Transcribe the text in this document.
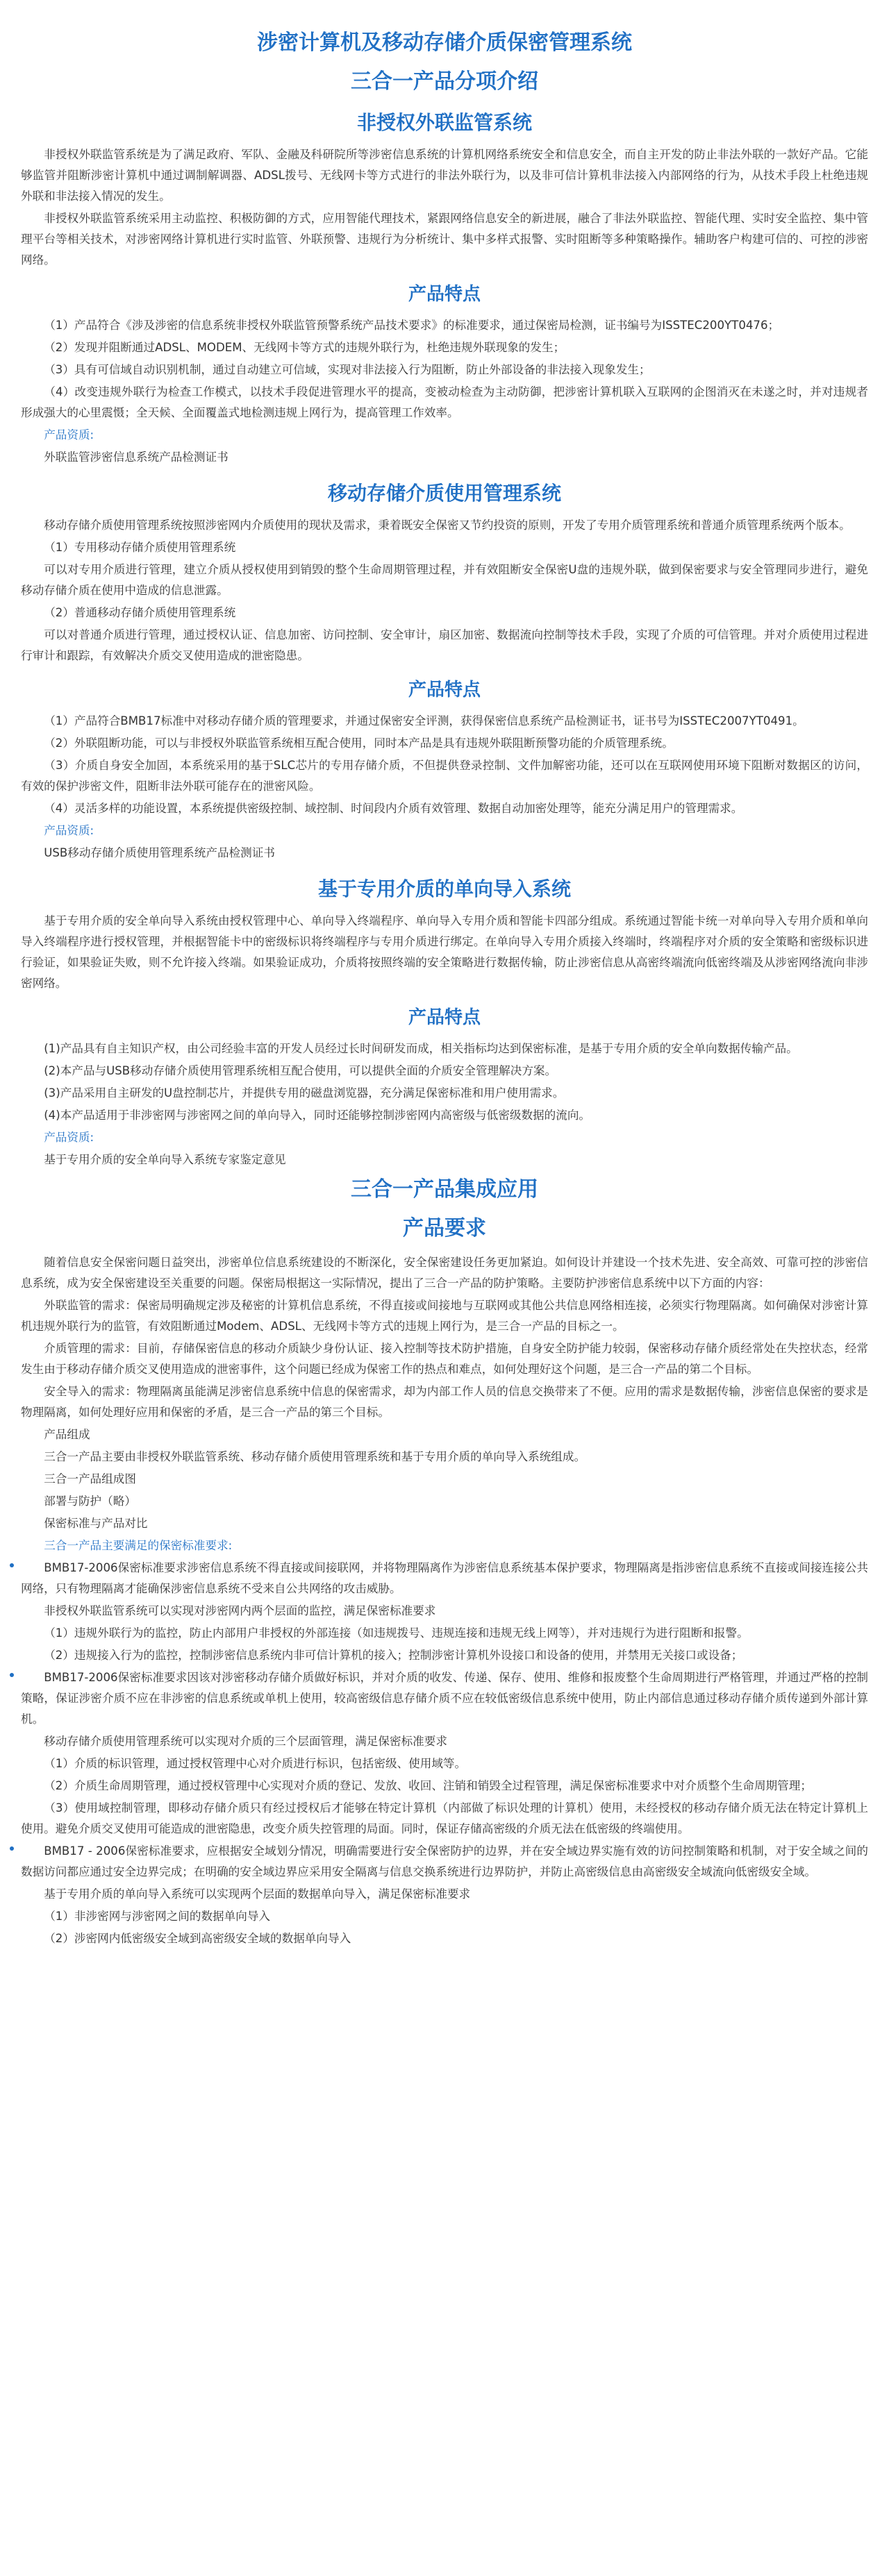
涉密计算机及移动存储介质保密管理系统
三合一产品分项介绍
非授权外联监管系统

非授权外联监管系统是为了满足政府、军队、金融及科研院所等涉密信息系统的计算机网络系统安全和信息安全，而自主开发的防止非法外联的一款好产品。它能够监管并阻断涉密计算机中通过调制解调器、ADSL拨号、无线网卡等方式进行的非法外联行为，以及非可信计算机非法接入内部网络的行为，从技术手段上杜绝违规外联和非法接入情况的发生。

非授权外联监管系统采用主动监控、积极防御的方式，应用智能代理技术，紧跟网络信息安全的新进展，融合了非法外联监控、智能代理、实时安全监控、集中管理平台等相关技术，对涉密网络计算机进行实时监管、外联预警、违规行为分析统计、集中多样式报警、实时阻断等多种策略操作。辅助客户构建可信的、可控的涉密网络。

产品特点

（1）产品符合《涉及涉密的信息系统非授权外联监管预警系统产品技术要求》的标准要求，通过保密局检测，证书编号为ISSTEC200YT0476；

（2）发现并阻断通过ADSL、MODEM、无线网卡等方式的违规外联行为，杜绝违规外联现象的发生；

（3）具有可信域自动识别机制，通过自动建立可信域，实现对非法接入行为阻断，防止外部设备的非法接入现象发生；

（4）改变违规外联行为检查工作模式，以技术手段促进管理水平的提高，变被动检查为主动防御，把涉密计算机联入互联网的企图消灭在未遂之时，并对违规者形成强大的心里震慑；全天候、全面覆盖式地检测违规上网行为，提高管理工作效率。

产品资质:

外联监管涉密信息系统产品检测证书

移动存储介质使用管理系统

移动存储介质使用管理系统按照涉密网内介质使用的现状及需求，秉着既安全保密又节约投资的原则，开发了专用介质管理系统和普通介质管理系统两个版本。

（1）专用移动存储介质使用管理系统

可以对专用介质进行管理，建立介质从授权使用到销毁的整个生命周期管理过程，并有效阻断安全保密U盘的违规外联，做到保密要求与安全管理同步进行，避免移动存储介质在使用中造成的信息泄露。

（2）普通移动存储介质使用管理系统

可以对普通介质进行管理，通过授权认证、信息加密、访问控制、安全审计，扇区加密、数据流向控制等技术手段，实现了介质的可信管理。并对介质使用过程进行审计和跟踪，有效解决介质交叉使用造成的泄密隐患。

产品特点

（1）产品符合BMB17标准中对移动存储介质的管理要求，并通过保密安全评测，获得保密信息系统产品检测证书，证书号为ISSTEC2007YT0491。

（2）外联阻断功能，可以与非授权外联监管系统相互配合使用，同时本产品是具有违规外联阻断预警功能的介质管理系统。

（3）介质自身安全加固，本系统采用的基于SLC芯片的专用存储介质，不但提供登录控制、文件加解密功能，还可以在互联网使用环境下阻断对数据区的访问，有效的保护涉密文件，阻断非法外联可能存在的泄密风险。

（4）灵活多样的功能设置，本系统提供密级控制、域控制、时间段内介质有效管理、数据自动加密处理等，能充分满足用户的管理需求。

产品资质:

USB移动存储介质使用管理系统产品检测证书

基于专用介质的单向导入系统

基于专用介质的安全单向导入系统由授权管理中心、单向导入终端程序、单向导入专用介质和智能卡四部分组成。系统通过智能卡统一对单向导入专用介质和单向导入终端程序进行授权管理，并根据智能卡中的密级标识将终端程序与专用介质进行绑定。在单向导入专用介质接入终端时，终端程序对介质的安全策略和密级标识进行验证，如果验证失败，则不允许接入终端。如果验证成功，介质将按照终端的安全策略进行数据传输，防止涉密信息从高密终端流向低密终端及从涉密网络流向非涉密网络。

产品特点

(1)产品具有自主知识产权，由公司经验丰富的开发人员经过长时间研发而成，相关指标均达到保密标准，是基于专用介质的安全单向数据传输产品。

(2)本产品与USB移动存储介质使用管理系统相互配合使用，可以提供全面的介质安全管理解决方案。

(3)产品采用自主研发的U盘控制芯片，并提供专用的磁盘浏览器，充分满足保密标准和用户使用需求。

(4)本产品适用于非涉密网与涉密网之间的单向导入，同时还能够控制涉密网内高密级与低密级数据的流向。

产品资质:

基于专用介质的安全单向导入系统专家鉴定意见

三合一产品集成应用
产品要求

随着信息安全保密问题日益突出，涉密单位信息系统建设的不断深化，安全保密建设任务更加紧迫。如何设计并建设一个技术先进、安全高效、可靠可控的涉密信息系统，成为安全保密建设至关重要的问题。保密局根据这一实际情况，提出了三合一产品的防护策略。主要防护涉密信息系统中以下方面的内容：

外联监管的需求：保密局明确规定涉及秘密的计算机信息系统，不得直接或间接地与互联网或其他公共信息网络相连接，必须实行物理隔离。如何确保对涉密计算机违规外联行为的监管，有效阻断通过Modem、ADSL、无线网卡等方式的违规上网行为，是三合一产品的目标之一。

介质管理的需求：目前，存储保密信息的移动介质缺少身份认证、接入控制等技术防护措施，自身安全防护能力较弱，保密移动存储介质经常处在失控状态，经常发生由于移动存储介质交叉使用造成的泄密事件，这个问题已经成为保密工作的热点和难点，如何处理好这个问题，是三合一产品的第二个目标。

安全导入的需求：物理隔离虽能满足涉密信息系统中信息的保密需求，却为内部工作人员的信息交换带来了不便。应用的需求是数据传输，涉密信息保密的要求是物理隔离，如何处理好应用和保密的矛盾，是三合一产品的第三个目标。

产品组成

三合一产品主要由非授权外联监管系统、移动存储介质使用管理系统和基于专用介质的单向导入系统组成。

三合一产品组成图

部署与防护（略）

保密标准与产品对比

三合一产品主要满足的保密标准要求:

BMB17-2006保密标准要求涉密信息系统不得直接或间接联网，并将物理隔离作为涉密信息系统基本保护要求，物理隔离是指涉密信息系统不直接或间接连接公共网络，只有物理隔离才能确保涉密信息系统不受来自公共网络的攻击威胁。

非授权外联监管系统可以实现对涉密网内两个层面的监控，满足保密标准要求

（1）违规外联行为的监控，防止内部用户非授权的外部连接（如违规拨号、违规连接和违规无线上网等），并对违规行为进行阻断和报警。

（2）违规接入行为的监控，控制涉密信息系统内非可信计算机的接入；控制涉密计算机外设接口和设备的使用，并禁用无关接口或设备；

BMB17-2006保密标准要求因该对涉密移动存储介质做好标识，并对介质的收发、传递、保存、使用、维修和报废整个生命周期进行严格管理，并通过严格的控制策略，保证涉密介质不应在非涉密的信息系统或单机上使用，较高密级信息存储介质不应在较低密级信息系统中使用，防止内部信息通过移动存储介质传递到外部计算机。

移动存储介质使用管理系统可以实现对介质的三个层面管理，满足保密标准要求

（1）介质的标识管理，通过授权管理中心对介质进行标识，包括密级、使用域等。

（2）介质生命周期管理，通过授权管理中心实现对介质的登记、发放、收回、注销和销毁全过程管理，满足保密标准要求中对介质整个生命周期管理；

（3）使用域控制管理，即移动存储介质只有经过授权后才能够在特定计算机（内部做了标识处理的计算机）使用，未经授权的移动存储介质无法在特定计算机上使用。避免介质交叉使用可能造成的泄密隐患，改变介质失控管理的局面。同时，保证存储高密级的介质无法在低密级的终端使用。

BMB17 - 2006保密标准要求，应根据安全域划分情况，明确需要进行安全保密防护的边界，并在安全域边界实施有效的访问控制策略和机制，对于安全域之间的数据访问都应通过安全边界完成；在明确的安全域边界应采用安全隔离与信息交换系统进行边界防护，并防止高密级信息由高密级安全域流向低密级安全域。

基于专用介质的单向导入系统可以实现两个层面的数据单向导入，满足保密标准要求

（1）非涉密网与涉密网之间的数据单向导入

（2）涉密网内低密级安全域到高密级安全域的数据单向导入
